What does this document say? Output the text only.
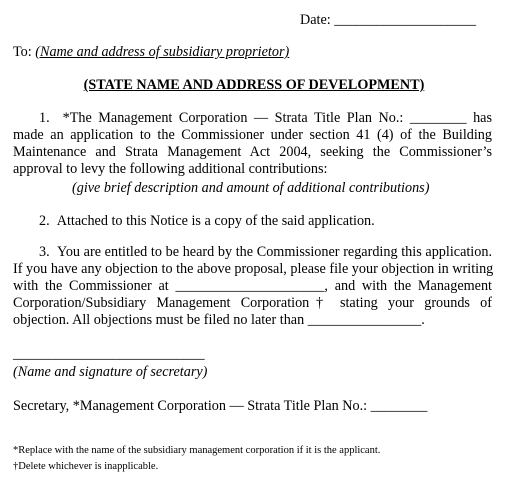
Date: ____________________
To: (Name and address of subsidiary proprietor)
(STATE NAME AND ADDRESS OF DEVELOPMENT)
1.  *The Management Corporation — Strata Title Plan No.: ________ has
made an application to the Commissioner under section 41 (4) of the Building
Maintenance and Strata Management Act 2004, seeking the Commissioner’s
approval to levy the following additional contributions:
(give brief description and amount of additional contributions)
2.  Attached to this Notice is a copy of the said application.
3.  You are entitled to be heard by the Commissioner regarding this application.
If you have any objection to the above proposal, please file your objection in writing
with the Commissioner at _____________________, and with the Management
Corporation/Subsidiary Management Corporation† stating your grounds of
objection. All objections must be filed no later than ________________.
___________________________
(Name and signature of secretary)
Secretary, *Management Corporation — Strata Title Plan No.: ________
*Replace with the name of the subsidiary management corporation if it is the applicant.
†Delete whichever is inapplicable.
